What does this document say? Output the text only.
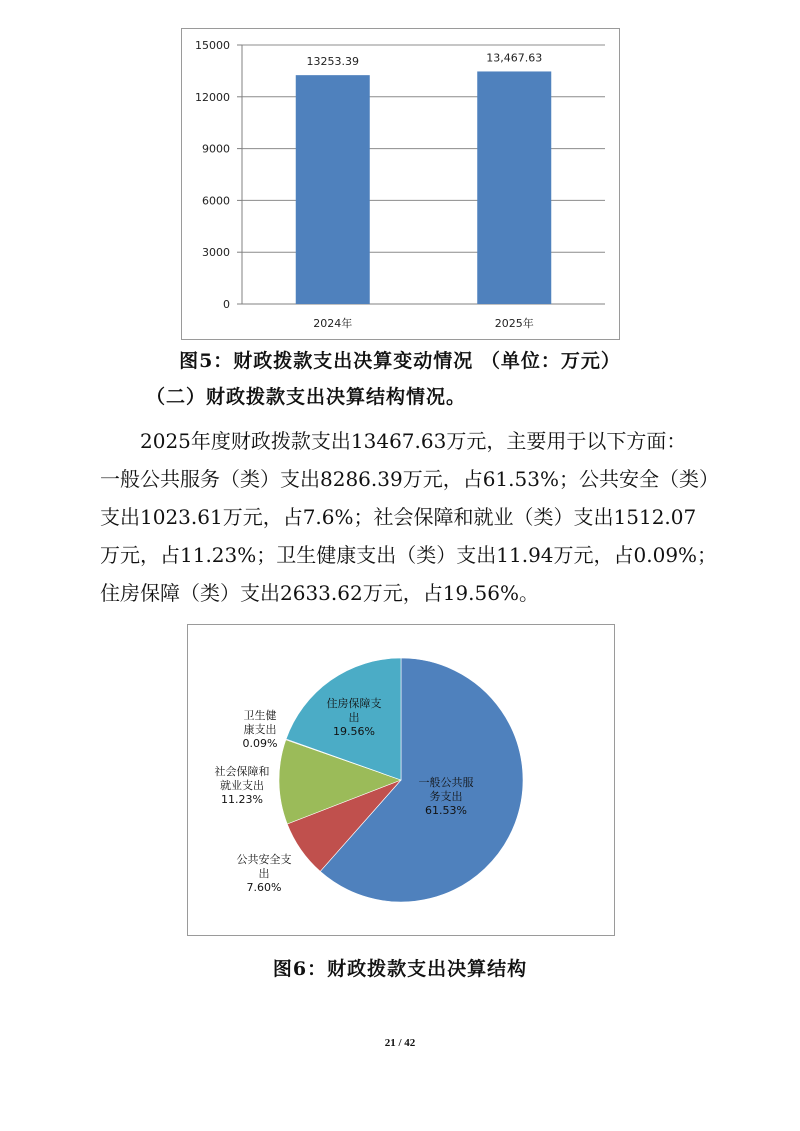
0
3000
6000
9000
12000
15000
13253.39
2024年
13,467.63
2025年
图5：财政拨款支出决算变动情况 （单位：万元）
（二）财政拨款支出决算结构情况。
2025年度财政拨款支出13467.63万元，主要用于以下方面：
一般公共服务（类）支出8286.39万元，占61.53%；公共安全（类）
支出1023.61万元，占7.6%；社会保障和就业（类）支出1512.07
万元，占11.23%；卫生健康支出（类）支出11.94万元，占0.09%；
住房保障（类）支出2633.62万元，占19.56%。
一般公共服
务支出
61.53%
公共安全支
出
7.60%
社会保障和
就业支出
11.23%
卫生健
康支出
0.09%
住房保障支
出
19.56%
图6：财政拨款支出决算结构
21 / 42
